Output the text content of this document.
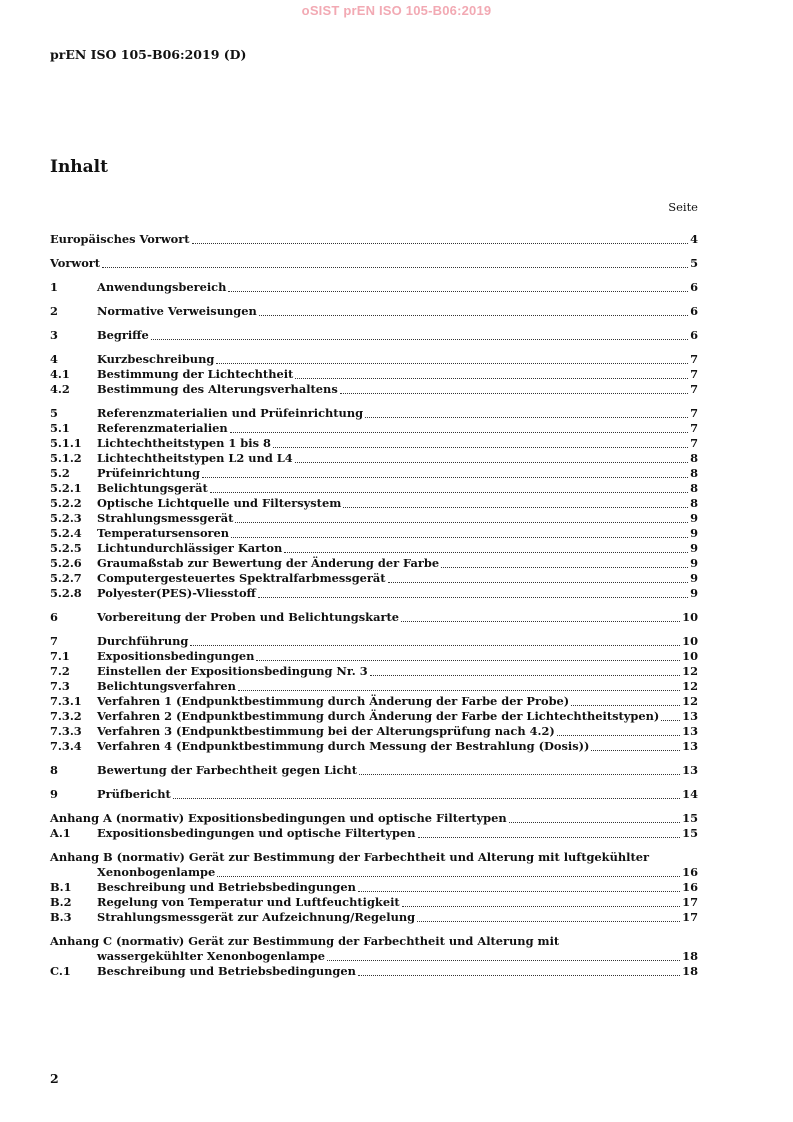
oSIST prEN ISO 105-B06:2019
prEN ISO 105-B06:2019 (D)
Inhalt
Seite
Europäisches Vorwort	4
Vorwort	5
1	Anwendungsbereich	6
2	Normative Verweisungen	6
3	Begriffe	6
4	Kurzbeschreibung	7
4.1	Bestimmung der Lichtechtheit	7
4.2	Bestimmung des Alterungsverhaltens	7
5	Referenzmaterialien und Prüfeinrichtung	7
5.1	Referenzmaterialien	7
5.1.1	Lichtechtheitstypen 1 bis 8	7
5.1.2	Lichtechtheitstypen L2 und L4	8
5.2	Prüfeinrichtung	8
5.2.1	Belichtungsgerät	8
5.2.2	Optische Lichtquelle und Filtersystem	8
5.2.3	Strahlungsmessgerät	9
5.2.4	Temperatursensoren	9
5.2.5	Lichtundurchlässiger Karton	9
5.2.6	Graumaßstab zur Bewertung der Änderung der Farbe	9
5.2.7	Computergesteuertes Spektralfarbmessgerät	9
5.2.8	Polyester(PES)-Vliesstoff	9
6	Vorbereitung der Proben und Belichtungskarte	10
7	Durchführung	10
7.1	Expositionsbedingungen	10
7.2	Einstellen der Expositionsbedingung Nr. 3	12
7.3	Belichtungsverfahren	12
7.3.1	Verfahren 1 (Endpunktbestimmung durch Änderung der Farbe der Probe)	12
7.3.2	Verfahren 2 (Endpunktbestimmung durch Änderung der Farbe der Lichtechtheitstypen) 13
7.3.3	Verfahren 3 (Endpunktbestimmung bei der Alterungsprüfung nach 4.2)	13
7.3.4	Verfahren 4 (Endpunktbestimmung durch Messung der Bestrahlung (Dosis))	13
8	Bewertung der Farbechtheit gegen Licht	13
9	Prüfbericht	14
Anhang A (normativ) Expositionsbedingungen und optische Filtertypen	15
A.1	Expositionsbedingungen und optische Filtertypen	15
Anhang B (normativ) Gerät zur Bestimmung der Farbechtheit und Alterung mit luftgekühlter
Xenonbogenlampe	16
B.1	Beschreibung und Betriebsbedingungen	16
B.2	Regelung von Temperatur und Luftfeuchtigkeit	17
B.3	Strahlungsmessgerät zur Aufzeichnung/Regelung	17
Anhang C (normativ) Gerät zur Bestimmung der Farbechtheit und Alterung mit
wassergekühlter Xenonbogenlampe	18
C.1	Beschreibung und Betriebsbedingungen	18
2
